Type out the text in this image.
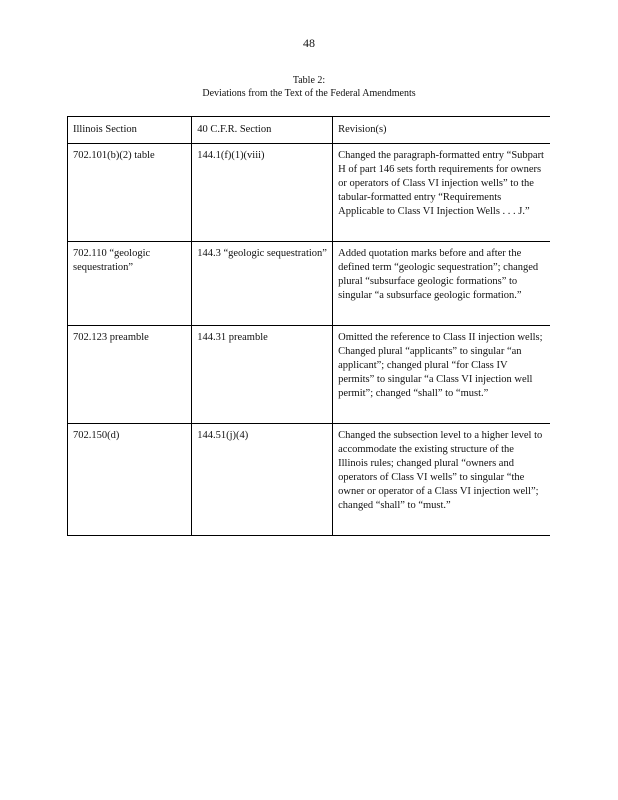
48
Table 2:
Deviations from the Text of the Federal Amendments
Illinois Section	40 C.F.R. Section	Revision(s)
702.101(b)(2) table	144.1(f)(1)(viii)	Changed the paragraph-formatted entry “Subpart H of part 146 sets forth requirements for owners or operators of Class VI injection wells” to the tabular-formatted entry “Requirements Applicable to Class VI Injection Wells . . . J.”
702.110 “geologic sequestration”	144.3 “geologic sequestration”	Added quotation marks before and after the defined term “geologic sequestration”; changed plural “subsurface geologic formations” to singular “a subsurface geologic formation.”
702.123 preamble	144.31 preamble	Omitted the reference to Class II injection wells; Changed plural “applicants” to singular “an applicant”; changed plural “for Class IV permits” to singular “a Class VI injection well permit”; changed “shall” to “must.”
702.150(d)	144.51(j)(4)	Changed the subsection level to a higher level to accommodate the existing structure of the Illinois rules; changed plural “owners and operators of Class VI wells” to singular “the owner or operator of a Class VI injection well”; changed “shall” to “must.”
